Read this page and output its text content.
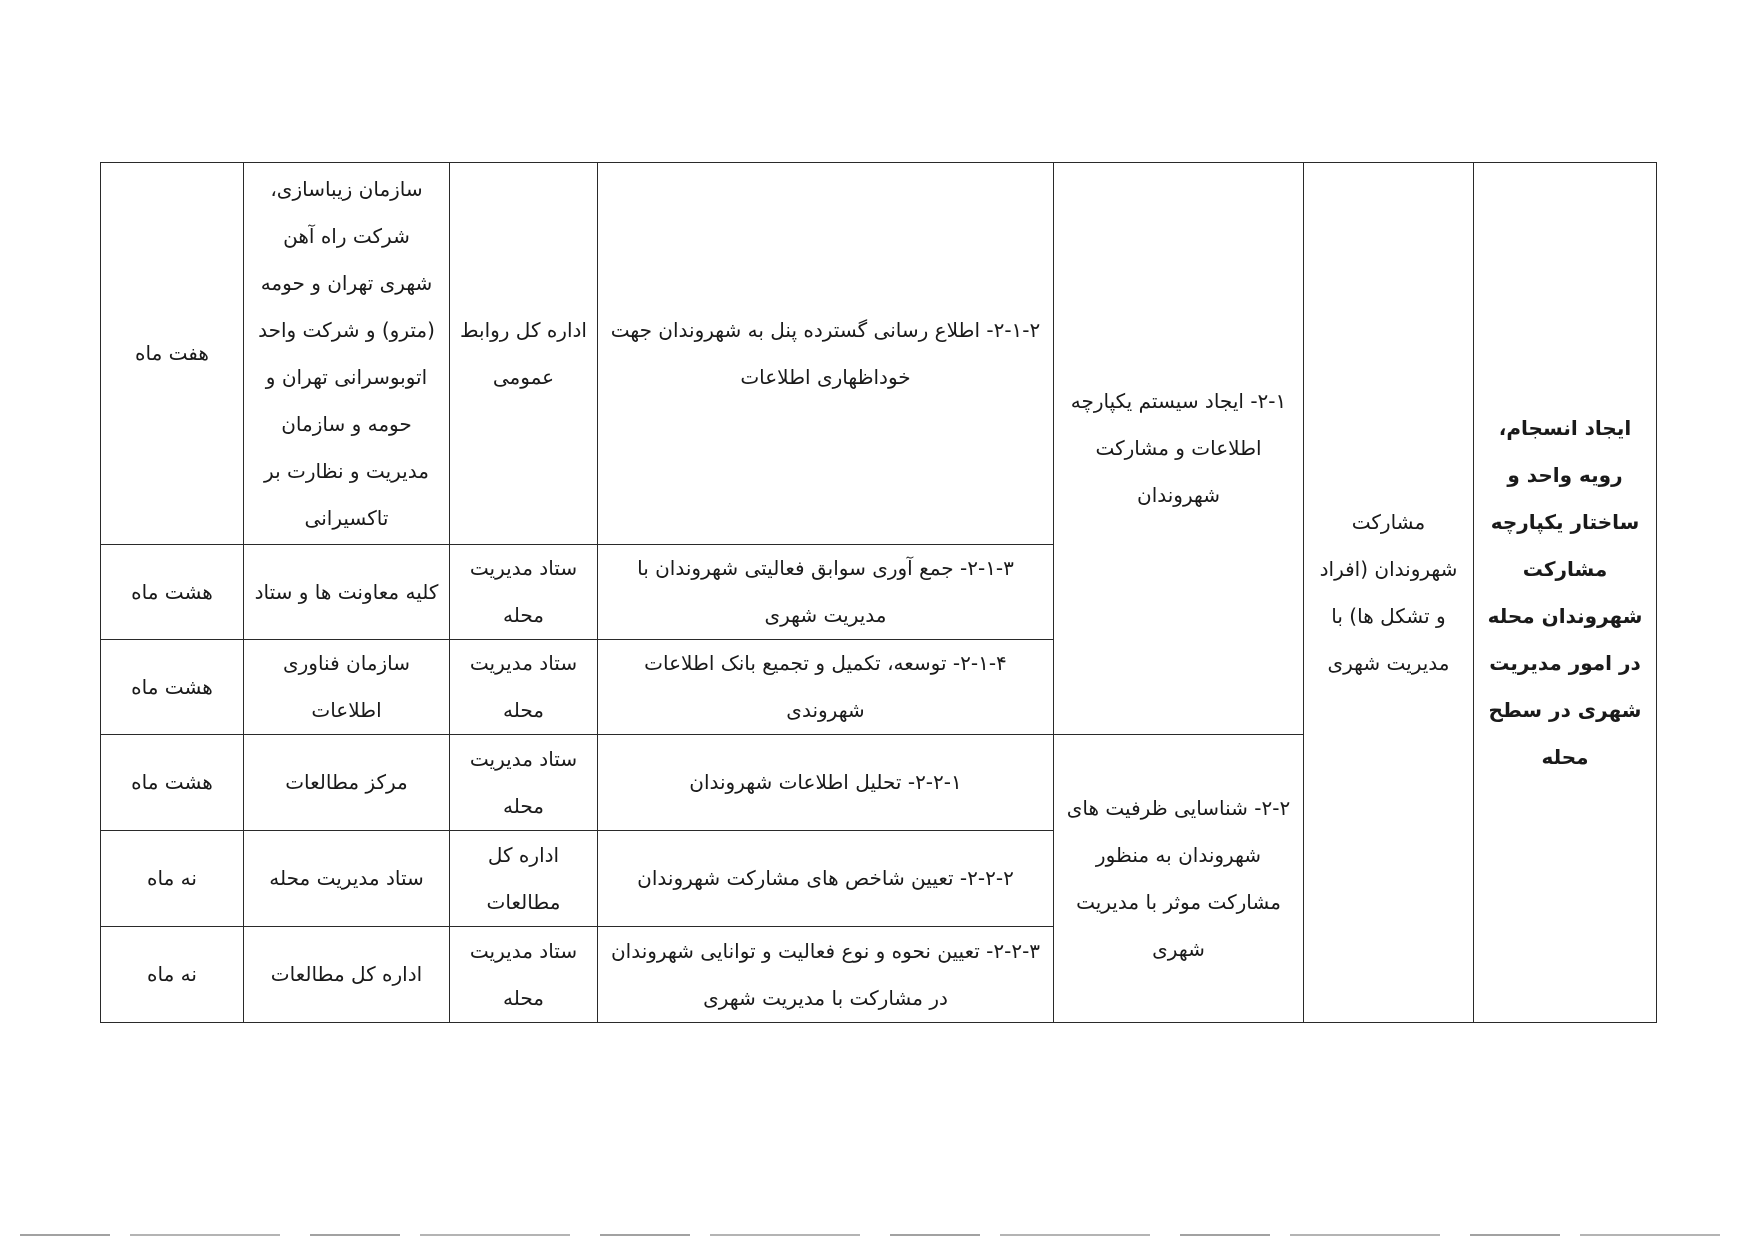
ایجاد انسجام، رویه واحد و ساختار یکپارچه مشارکت شهروندان محله در امور مدیریت شهری در سطح محله	مشارکت شهروندان (افراد و تشکل ها) با مدیریت شهری	۲-۱- ایجاد سیستم یکپارچه اطلاعات و مشارکت شهروندان	۲-۱-۲- اطلاع رسانی گسترده پنل به شهروندان جهت خوداظهاری اطلاعات	اداره کل روابط عمومی	سازمان زیباسازی، شرکت راه آهن شهری تهران و حومه (مترو) و شرکت واحد اتوبوسرانی تهران و حومه و سازمان مدیریت و نظارت بر تاکسیرانی	هفت ماه
			۲-۱-۳- جمع آوری سوابق فعالیتی شهروندان با مدیریت شهری	ستاد مدیریت محله	کلیه معاونت ها و ستاد	هشت ماه
			۲-۱-۴- توسعه، تکمیل و تجمیع بانک اطلاعات شهروندی	ستاد مدیریت محله	سازمان فناوری اطلاعات	هشت ماه
		۲-۲- شناسایی ظرفیت های شهروندان به منظور مشارکت موثر با مدیریت شهری	۲-۲-۱- تحلیل اطلاعات شهروندان	ستاد مدیریت محله	مرکز مطالعات	هشت ماه
			۲-۲-۲- تعیین شاخص های مشارکت شهروندان	اداره کل مطالعات	ستاد مدیریت محله	نه ماه
			۲-۲-۳- تعیین نحوه و نوع فعالیت و توانایی شهروندان در مشارکت با مدیریت شهری	ستاد مدیریت محله	اداره کل مطالعات	نه ماه
